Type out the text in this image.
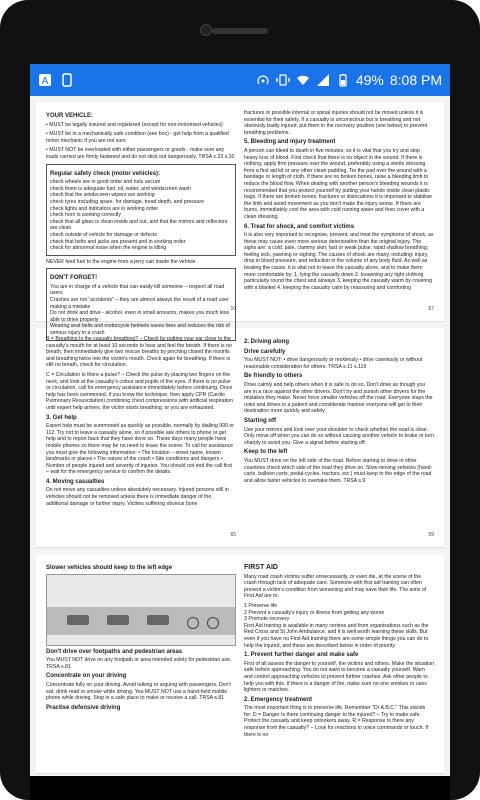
A	49% 8:08 PM
YOUR VEHICLE:

• MUST be legally insured and registered (except for non-motorised vehicles)

• MUST be in a mechanically safe condition (see box) - get help from a qualified motor mechanic if you are not sure

• MUST NOT be overloaded with either passengers or goods - make sure any loads carried are firmly fastened and do not stick out dangerously. TRSA s.33 s.10

Regular safety check (motor vehicles):
check wheels are in good order and nuts secure
check there is adequate fuel, oil, water, and windscreen wash
check that the windscreen wipers are working
check tyres including spare, for damage, tread depth, and pressure
check lights and indicators are in working order
check horn is working correctly
check that all glass is clean inside and out, and that the mirrors and reflectors are clean
check outside of vehicle for damage or defects
check that belts and jacks are present and in working order
check for abnormal noise when the engine is idling

NEVER feed fuel to the engine from a jerry can inside the vehicle.

DON'T FORGET!
You are in charge of a vehicle that can easily kill someone – respect all road users
Crashes are not "accidents" – they are almost always the result of a road user making a mistake
Do not drink and drive - alcohol, even in small amounts, makes you much less able to drive properly
Wearing seat belts and motorcycle helmets saves lives and reduces the risk of serious injury in a crash
16

fractures or possible internal or spinal injuries should not be moved unless it is essential for their safety. If a casualty is unconscious but is breathing and not obviously badly injured, put them in the recovery position (see below) to prevent breathing problems.

5. Bleeding and injury treatment

A person can bleed to death in five minutes, so it is vital that you try and stop heavy loss of blood. First check that there is no object in the wound. If there is nothing, apply firm pressure over the wound, preferably using a sterile dressing from a first aid kit or any other clean padding. Tie the pad over the wound with a bandage or length of cloth. If there are no broken bones, raise a bleeding limb to reduce the blood flow. When dealing with another person's bleeding wounds it is recommended that you protect yourself by putting your hands inside clean plastic bags. If there are broken bones, fractures or dislocations it is important to stabilise the limb and avoid movement as you don't make the injury worse. If there are burns, immediately cool the area with cold running water and then cover with a clean dressing.

6. Treat for shock, and comfort victims

It is also very important to recognise, prevent, and treat the symptoms of shock, as these may cause even more serious deterioration than the original injury. The signs are: a cold, pale, clammy skin; fast or weak pulse; rapid shallow breathing; feeling sick, yawning or sighing. The causes of shock are many, including: injury, drop in blood pressure, and reduction in the volume of any body fluid. As well as treating the cause, it is vital not to leave the casualty alone, and to make them more comfortable by: 1. lying the casualty down 2. loosening any tight clothing particularly round the chest and airways 3. keeping the casualty warm by covering with a blanket 4. keeping the casualty calm by reassuring and comforting

67

B = Breathing Is the casualty breathing? – Check by putting your ear close to the casualty's mouth for at least 10 seconds to hear and feel the breath. If there is no breath, then immediately give two rescue breaths by pinching closed the nostrils and breathing twice into the victim's mouth. Check again for breathing. If there is still no breath, check for circulation.

C = Circulation Is there a pulse? – Check the pulse by placing two fingers on the neck, and look at the casualty's colour and pupils of the eyes. If there is no pulse or circulation, call for emergency assistance immediately before continuing. Once help has been summoned, if you know the technique, then apply CPR (Cardio Pulmonary Resuscitation) combining chest compressions with artificial respiration until expert help arrives, the victim starts breathing, or you are exhausted.

3. Get help

Expert help must be summoned as quickly as possible, normally by dialling 999 or 112. Try not to leave a casualty alone, so if possible ask others to phone or get help and to report back that they have done so. These days many people have mobile phones so there may be no need to leave the scene. To call for assistance you must give the following information: • The location – street name, known landmarks or places • The nature of the crash • Site conditions and dangers • Number of people injured and severity of injuries. You should not end the call first – wait for the emergency service to confirm the details.

4. Moving casualties

Do not move any casualties unless absolutely necessary. Injured persons still in vehicles should not be removed unless there is immediate danger of fire, additional damage or further injury. Victims suffering obvious bone

65
2. Driving along
Drive carefully

You MUST NOT: • drive dangerously or recklessly • drive carelessly or without reasonable consideration for others. TRSA s.11 s.119

Be friendly to others

Drive calmly and help others when it is safe to do so. Don't drive as though you are in a race against the other drivers. Don't try and punish other drivers for the mistakes they make. Never force smaller vehicles off the road. Everyone stays the rules and drives in a patient and considerate manner everyone will get to their destination more quickly and safely.

Starting off

Use your mirrors and look over your shoulder to check whether the road is clear. Only move off when you can do so without causing another vehicle to brake or turn sharply to avoid you. Give a signal before starting off.

Keep to the left

You MUST drive on the left side of the road. Before starting to drive in other countries check which side of the road they drive on. Slow-moving vehicles (hand-carts, balloon carts, pedal-cycles, tractors, etc.) must keep to the edge of the road and allow faster vehicles to overtake them. TRSA s.9

59
Slower vehicles should keep to the left edge
Don't drive over footpaths and pedestrian areas

You MUST NOT drive on any footpath or area intended solely for pedestrian use. TRSA s.81

Concentrate on your driving

Concentrate fully on your driving. Avoid talking or arguing with passengers. Don't eat, drink read or smoke while driving. You MUST NOT use a hand-held mobile phone while driving. Stop in a safe place to make or receive a call. TRSA s.81

Practise defensive driving
FIRST AID

Many road crash victims suffer unnecessarily, or even die, at the scene of the crash through lack of adequate care. Someone with first aid training can often prevent a victim's condition from worsening and may save their life. The aims of First Aid are to:

1 Preserve life
2 Prevent a casualty's injury or illness from getting any worse
3 Promote recovery

First Aid training is available in many centres and from organisations such as the Red Cross and St John Ambulance, and it is well worth learning these skills. But even if you have no First Aid training there are some simple things you can do to help the injured, and these are described below in order of priority.

1. Prevent further danger and make safe

First of all assess the danger to yourself, the victims and others. Make the situation safe before approaching. You do not want to become a casualty yourself. Warn and control approaching vehicles to prevent further crashes. Ask other people to help you with this. If there is a danger of fire, make sure no-one smokes or uses lighters or matches.

2. Emergency treatment

The most important thing is to preserve life. Remember "Dr A.B.C." This stands for: D = Danger Is there continuing danger to the injured? – Try to make safe. Protect the casualty and keep onlookers away. R = Response Is there any response from the casualty? – Look for reactions to voice commands or touch. If there is no
